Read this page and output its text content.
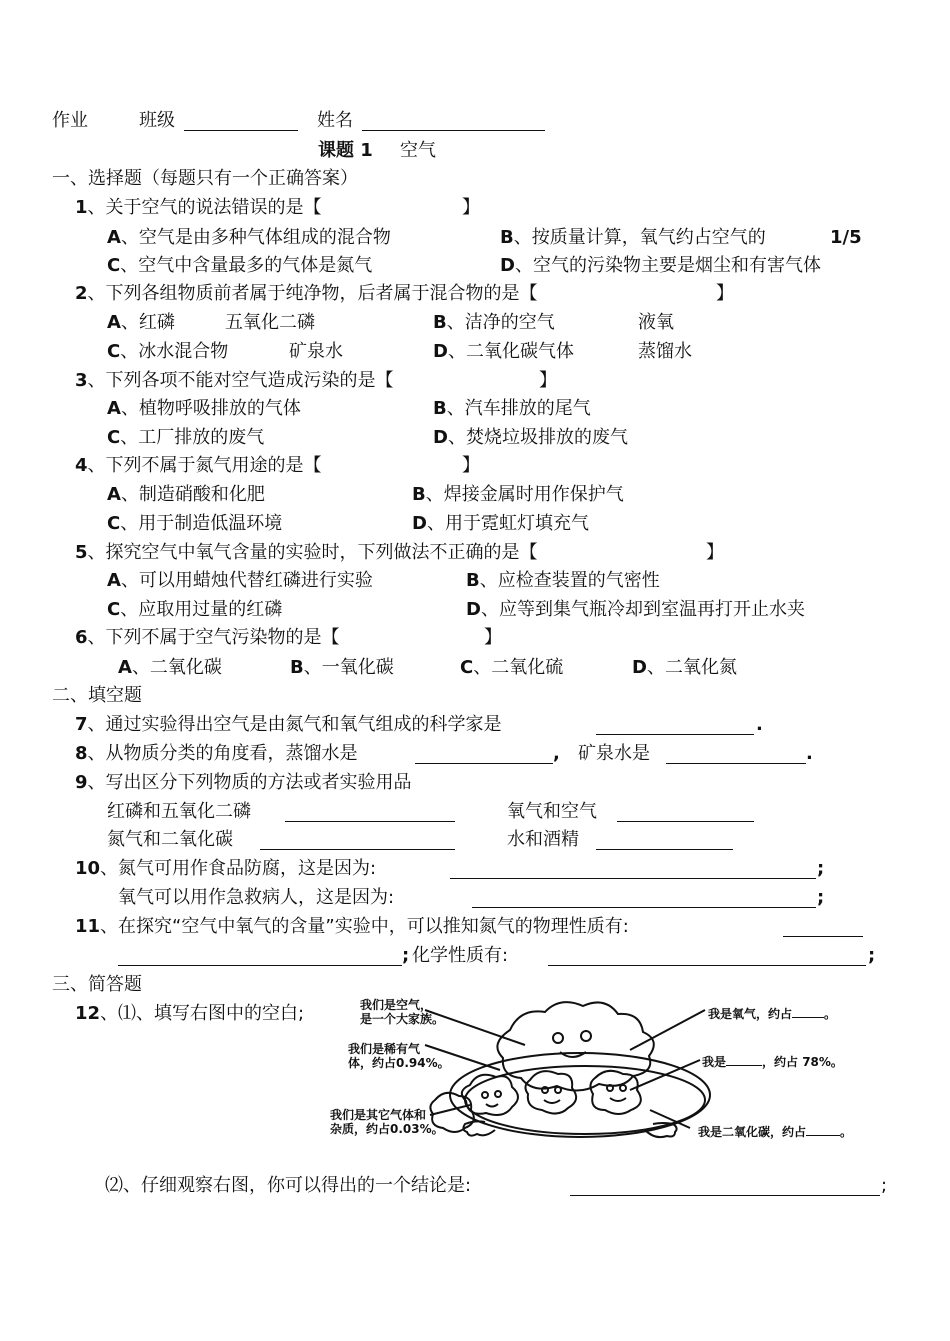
作业	班级	姓名
课题 1 空气
一、选择题（每题只有一个正确答案）
1、关于空气的说法错误的是【	】
A、空气是由多种气体组成的混合物	B、按质量计算，氧气约占空气的	1/5
C、空气中含量最多的气体是氮气	D、空气的污染物主要是烟尘和有害气体
2、下列各组物质前者属于纯净物，后者属于混合物的是【	】
A、红磷	五氧化二磷	B、洁净的空气	液氧
C、冰水混合物	矿泉水	D、二氧化碳气体	蒸馏水
3、下列各项不能对空气造成污染的是【	】
A、植物呼吸排放的气体	B、汽车排放的尾气
C、工厂排放的废气	D、焚烧垃圾排放的废气
4、下列不属于氮气用途的是【	】
A、制造硝酸和化肥	B、焊接金属时用作保护气
C、用于制造低温环境	D、用于霓虹灯填充气
5、探究空气中氧气含量的实验时，下列做法不正确的是【	】
A、可以用蜡烛代替红磷进行实验	B、应检查装置的气密性
C、应取用过量的红磷	D、应等到集气瓶冷却到室温再打开止水夹
6、下列不属于空气污染物的是【	】
A、二氧化碳	B、一氧化碳	C、二氧化硫	D、二氧化氮
二、填空题
7、通过实验得出空气是由氮气和氧气组成的科学家是	.
8、从物质分类的角度看，蒸馏水是	, 矿泉水是	.
9、写出区分下列物质的方法或者实验用品
红磷和五氧化二磷	氧气和空气
氮气和二氧化碳	水和酒精
10、氮气可用作食品防腐，这是因为:	;
氧气可以用作急救病人，这是因为:	;
11、在探究“空气中氧气的含量”实验中，可以推知氮气的物理性质有:
; 化学性质有:	;
三、简答题
12、⑴、填写右图中的空白;	我们是空气，
是一个大家族。
我们是稀有气
体，约占0.94%。
我们是其它气体和
杂质，约占0.03%。
我是氧气，约占	。
我是	，约占 78%。
我是二氧化碳，约占	。
⑵、仔细观察右图，你可以得出的一个结论是:	;
